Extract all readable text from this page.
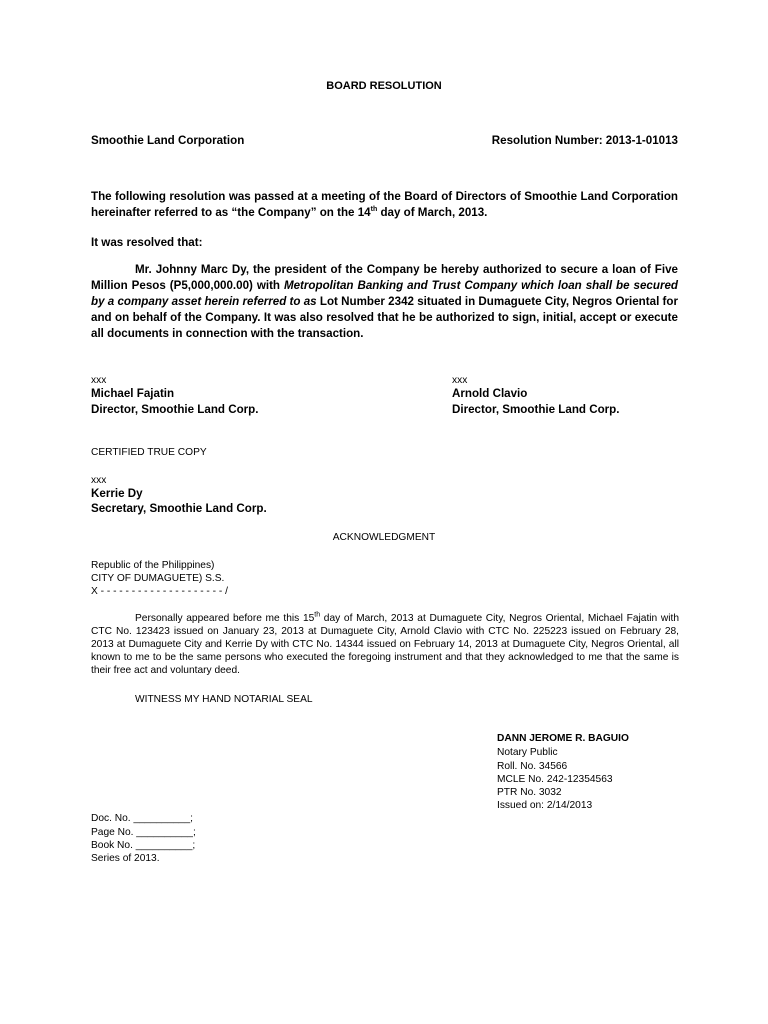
BOARD RESOLUTION
Smoothie Land Corporation	Resolution Number: 2013-1-01013

The following resolution was passed at a meeting of the Board of Directors of Smoothie Land Corporation hereinafter referred to as “the Company” on the 14th day of March, 2013.

It was resolved that:

Mr. Johnny Marc Dy, the president of the Company be hereby authorized to secure a loan of Five Million Pesos (P5,000,000.00) with Metropolitan Banking and Trust Company which loan shall be secured by a company asset herein referred to as Lot Number 2342 situated in Dumaguete City, Negros Oriental for and on behalf of the Company. It was also resolved that he be authorized to sign, initial, accept or execute all documents in connection with the transaction.

xxx
Michael Fajatin
Director, Smoothie Land Corp.
xxx
Arnold Clavio
Director, Smoothie Land Corp.
CERTIFIED TRUE COPY
xxx
Kerrie Dy
Secretary, Smoothie Land Corp.
ACKNOWLEDGMENT
Republic of the Philippines)
CITY OF DUMAGUETE) S.S.
X - - - - - - - - - - - - - - - - - - - - /

Personally appeared before me this 15th day of March, 2013 at Dumaguete City, Negros Oriental, Michael Fajatin with CTC No. 123423 issued on January 23, 2013 at Dumaguete City, Arnold Clavio with CTC No. 225223 issued on February 28, 2013 at Dumaguete City and Kerrie Dy with CTC No. 14344 issued on February 14, 2013 at Dumaguete City, Negros Oriental, all known to me to be the same persons who executed the foregoing instrument and that they acknowledged to me that the same is their free act and voluntary deed.

WITNESS MY HAND NOTARIAL SEAL
DANN JEROME R. BAGUIO
Notary Public
Roll. No. 34566
MCLE No. 242-12354563
PTR No. 3032
Issued on: 2/14/2013
Doc. No. __________;
Page No. __________;
Book No. __________;
Series of 2013.
